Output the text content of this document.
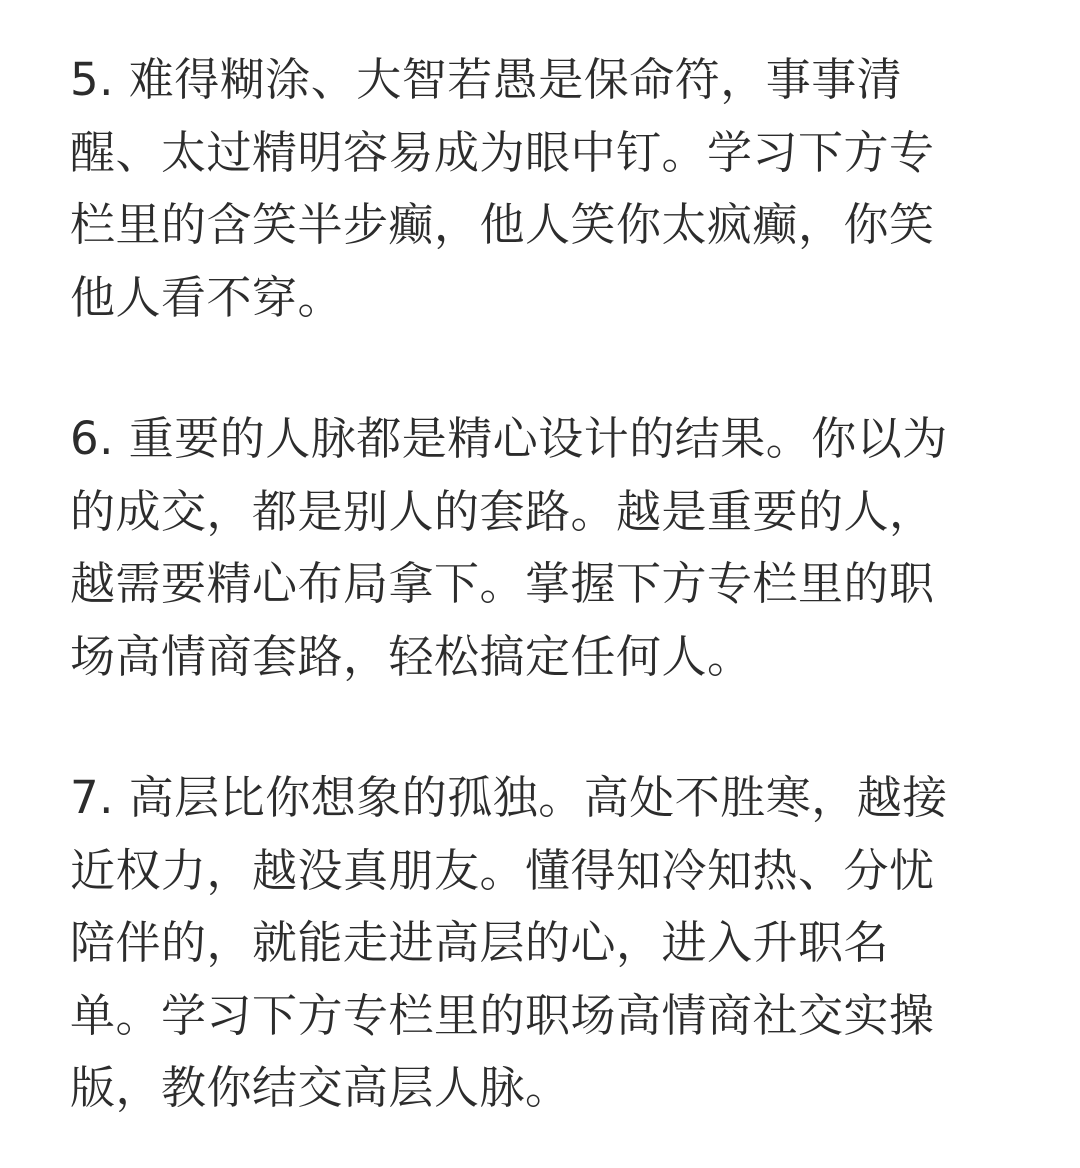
5. 难得糊涂、大智若愚是保命符，事事清
醒、太过精明容易成为眼中钉。学习下方专
栏里的含笑半步癫，他人笑你太疯癫，你笑
他人看不穿。

6. 重要的人脉都是精心设计的结果。你以为
的成交，都是别人的套路。越是重要的人，
越需要精心布局拿下。掌握下方专栏里的职
场高情商套路，轻松搞定任何人。

7. 高层比你想象的孤独。高处不胜寒，越接
近权力，越没真朋友。懂得知冷知热、分忧
陪伴的，就能走进高层的心，进入升职名
单。学习下方专栏里的职场高情商社交实操
版，教你结交高层人脉。
